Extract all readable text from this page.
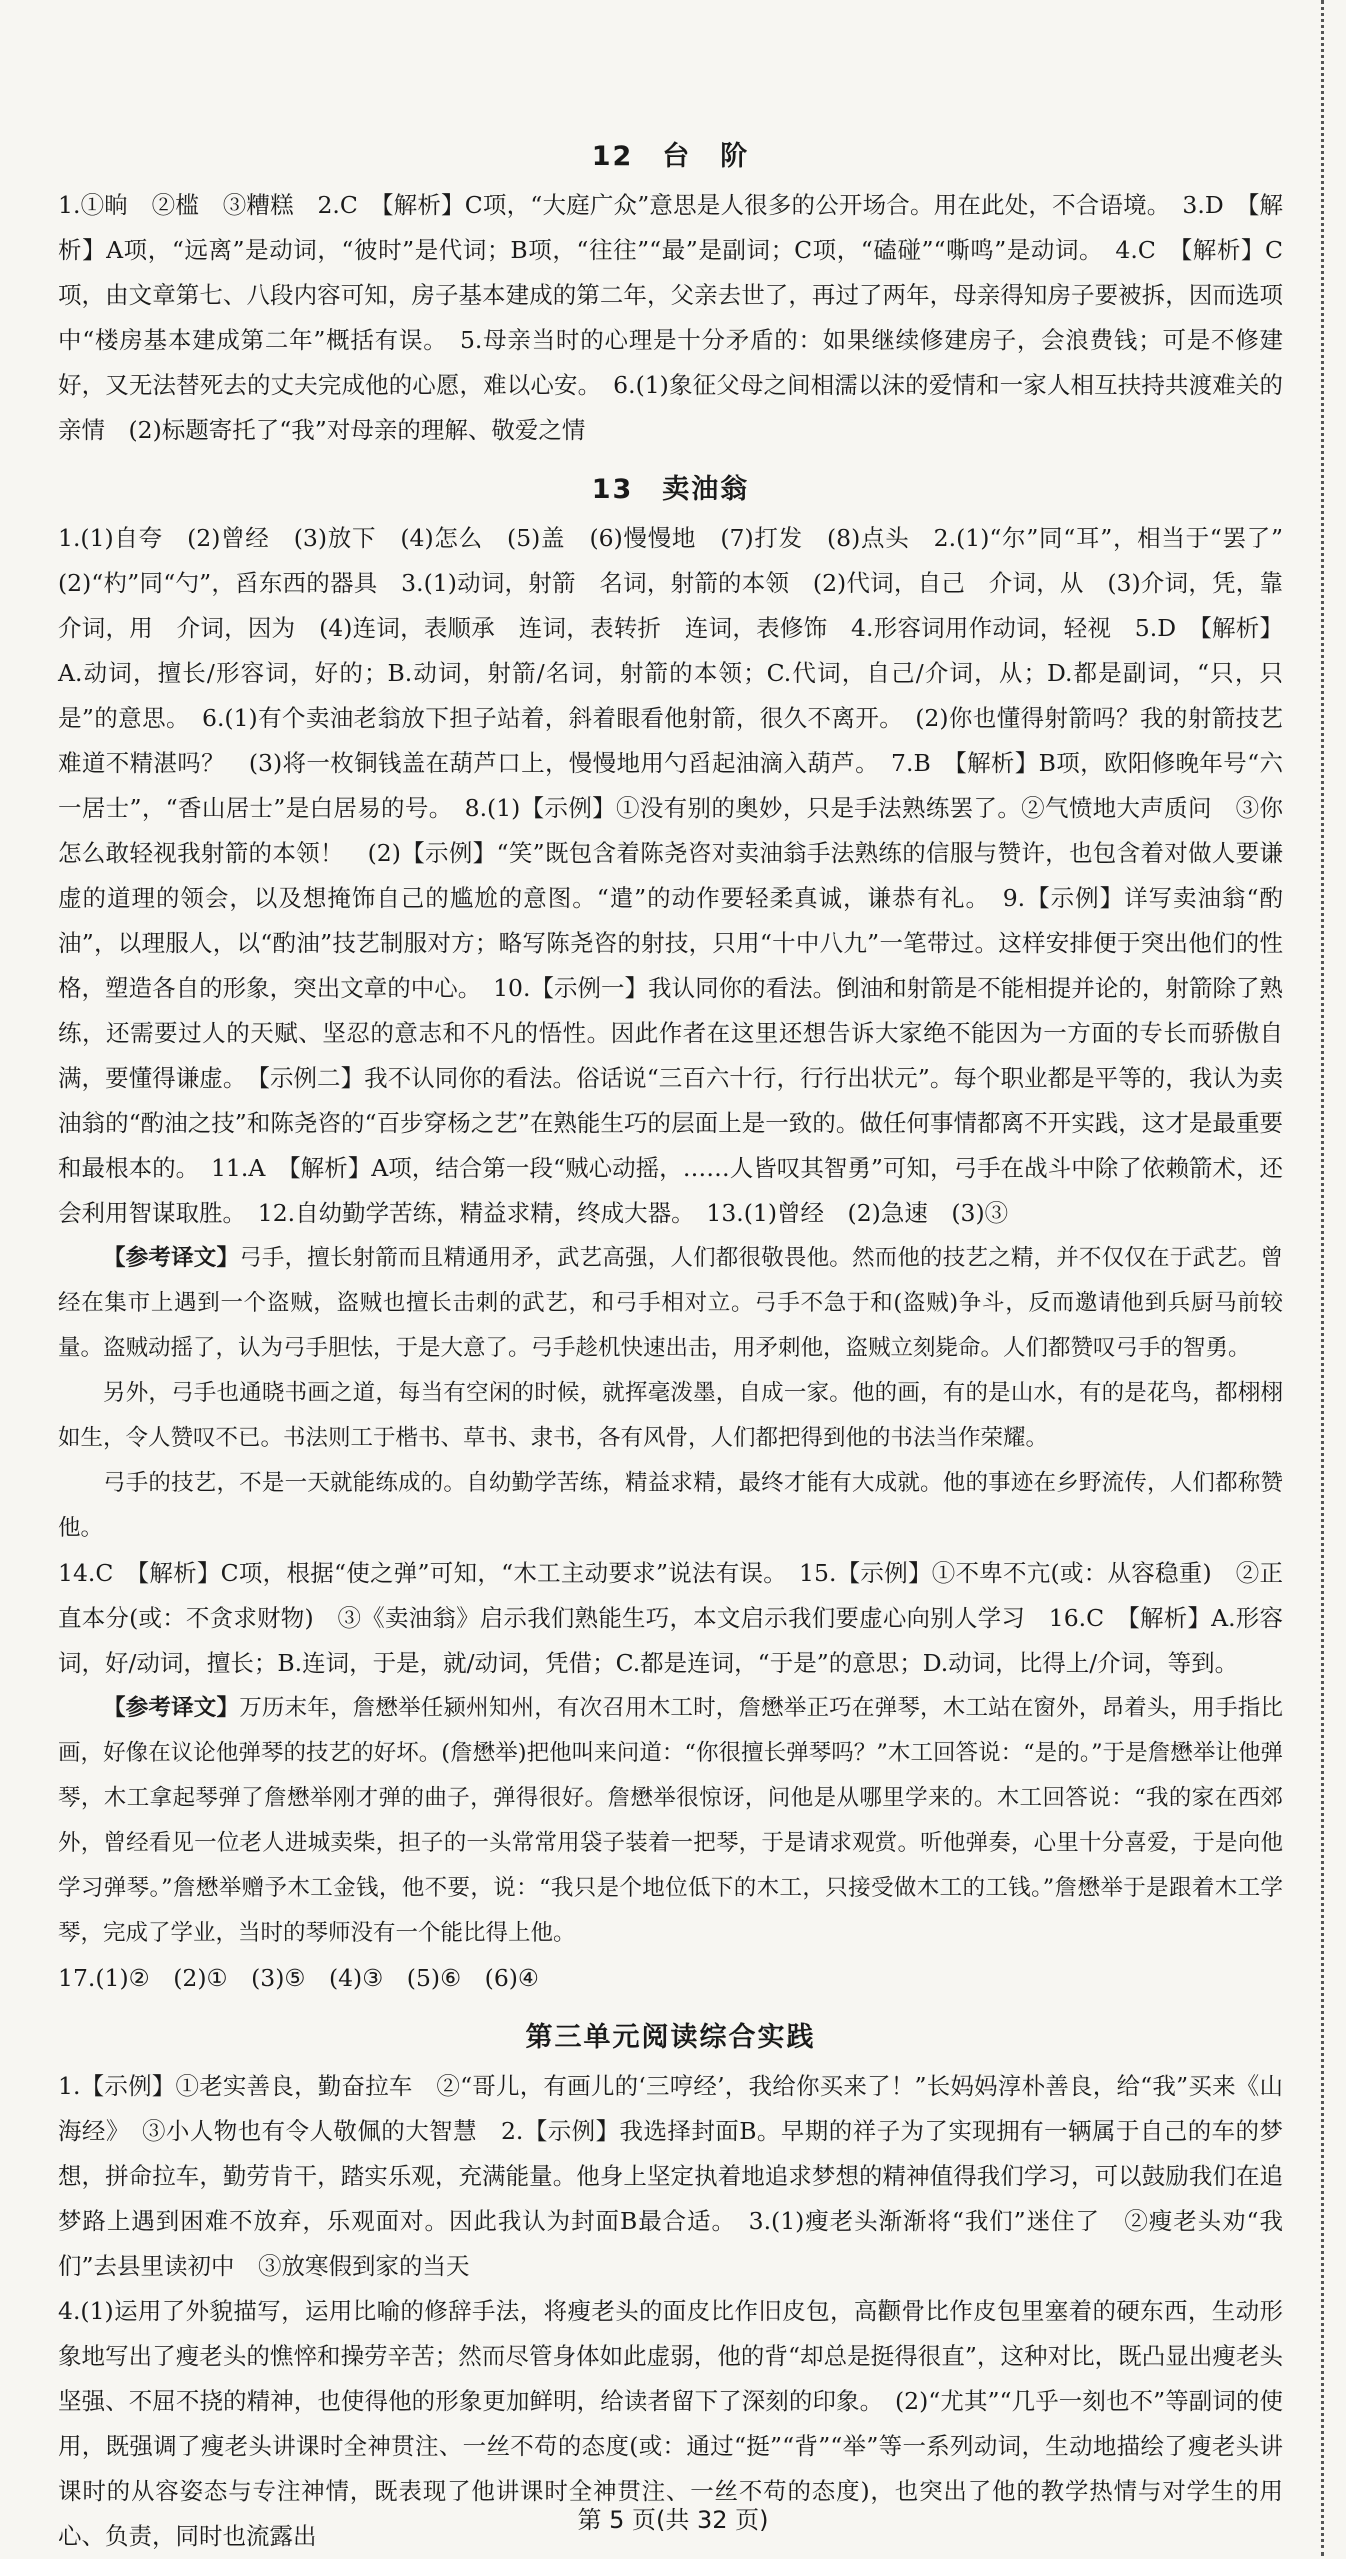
12　台　阶

1.①晌　②槛　③糟糕　2.C　【解析】C项，“大庭广众”意思是人很多的公开场合。用在此处，不合语境。　3.D　【解析】A项，“远离”是动词，“彼时”是代词；B项，“往往”“最”是副词；C项，“磕碰”“嘶鸣”是动词。　4.C　【解析】C项，由文章第七、八段内容可知，房子基本建成的第二年，父亲去世了，再过了两年，母亲得知房子要被拆，因而选项中“楼房基本建成第二年”概括有误。　5.母亲当时的心理是十分矛盾的：如果继续修建房子，会浪费钱；可是不修建好，又无法替死去的丈夫完成他的心愿，难以心安。　6.(1)象征父母之间相濡以沫的爱情和一家人相互扶持共渡难关的亲情　(2)标题寄托了“我”对母亲的理解、敬爱之情

13　卖油翁

1.(1)自夸　(2)曾经　(3)放下　(4)怎么　(5)盖　(6)慢慢地　(7)打发　(8)点头　2.(1)“尔”同“耳”，相当于“罢了”　(2)“杓”同“勺”，舀东西的器具　3.(1)动词，射箭　名词，射箭的本领　(2)代词，自己　介词，从　(3)介词，凭，靠　介词，用　介词，因为　(4)连词，表顺承　连词，表转折　连词，表修饰　4.形容词用作动词，轻视　5.D　【解析】A.动词，擅长/形容词，好的；B.动词，射箭/名词，射箭的本领；C.代词，自己/介词，从；D.都是副词，“只，只是”的意思。　6.(1)有个卖油老翁放下担子站着，斜着眼看他射箭，很久不离开。　(2)你也懂得射箭吗？我的射箭技艺难道不精湛吗？　(3)将一枚铜钱盖在葫芦口上，慢慢地用勺舀起油滴入葫芦。　7.B　【解析】B项，欧阳修晚年号“六一居士”，“香山居士”是白居易的号。　8.(1)【示例】①没有别的奥妙，只是手法熟练罢了。②气愤地大声质问　③你怎么敢轻视我射箭的本领！　(2)【示例】“笑”既包含着陈尧咨对卖油翁手法熟练的信服与赞许，也包含着对做人要谦虚的道理的领会，以及想掩饰自己的尴尬的意图。“遣”的动作要轻柔真诚，谦恭有礼。　9.【示例】详写卖油翁“酌油”，以理服人，以“酌油”技艺制服对方；略写陈尧咨的射技，只用“十中八九”一笔带过。这样安排便于突出他们的性格，塑造各自的形象，突出文章的中心。　10.【示例一】我认同你的看法。倒油和射箭是不能相提并论的，射箭除了熟练，还需要过人的天赋、坚忍的意志和不凡的悟性。因此作者在这里还想告诉大家绝不能因为一方面的专长而骄傲自满，要懂得谦虚。　【示例二】我不认同你的看法。俗话说“三百六十行，行行出状元”。每个职业都是平等的，我认为卖油翁的“酌油之技”和陈尧咨的“百步穿杨之艺”在熟能生巧的层面上是一致的。做任何事情都离不开实践，这才是最重要和最根本的。　11.A　【解析】A项，结合第一段“贼心动摇，……人皆叹其智勇”可知，弓手在战斗中除了依赖箭术，还会利用智谋取胜。　12.自幼勤学苦练，精益求精，终成大器。　13.(1)曾经　(2)急速　(3)③

【参考译文】弓手，擅长射箭而且精通用矛，武艺高强，人们都很敬畏他。然而他的技艺之精，并不仅仅在于武艺。曾经在集市上遇到一个盗贼，盗贼也擅长击刺的武艺，和弓手相对立。弓手不急于和(盗贼)争斗，反而邀请他到兵厨马前较量。盗贼动摇了，认为弓手胆怯，于是大意了。弓手趁机快速出击，用矛刺他，盗贼立刻毙命。人们都赞叹弓手的智勇。

另外，弓手也通晓书画之道，每当有空闲的时候，就挥毫泼墨，自成一家。他的画，有的是山水，有的是花鸟，都栩栩如生，令人赞叹不已。书法则工于楷书、草书、隶书，各有风骨，人们都把得到他的书法当作荣耀。

弓手的技艺，不是一天就能练成的。自幼勤学苦练，精益求精，最终才能有大成就。他的事迹在乡野流传，人们都称赞他。

14.C　【解析】C项，根据“使之弹”可知，“木工主动要求”说法有误。　15.【示例】①不卑不亢(或：从容稳重)　②正直本分(或：不贪求财物)　③《卖油翁》启示我们熟能生巧，本文启示我们要虚心向别人学习　16.C　【解析】A.形容词，好/动词，擅长；B.连词，于是，就/动词，凭借；C.都是连词，“于是”的意思；D.动词，比得上/介词，等到。

【参考译文】万历末年，詹懋举任颍州知州，有次召用木工时，詹懋举正巧在弹琴，木工站在窗外，昂着头，用手指比画，好像在议论他弹琴的技艺的好坏。(詹懋举)把他叫来问道：“你很擅长弹琴吗？”木工回答说：“是的。”于是詹懋举让他弹琴，木工拿起琴弹了詹懋举刚才弹的曲子，弹得很好。詹懋举很惊讶，问他是从哪里学来的。木工回答说：“我的家在西郊外，曾经看见一位老人进城卖柴，担子的一头常常用袋子装着一把琴，于是请求观赏。听他弹奏，心里十分喜爱，于是向他学习弹琴。”詹懋举赠予木工金钱，他不要，说：“我只是个地位低下的木工，只接受做木工的工钱。”詹懋举于是跟着木工学琴，完成了学业，当时的琴师没有一个能比得上他。

17.(1)②　(2)①　(3)⑤　(4)③　(5)⑥　(6)④

第三单元阅读综合实践

1.【示例】①老实善良，勤奋拉车　②“哥儿，有画儿的‘三哼经’，我给你买来了！”长妈妈淳朴善良，给“我”买来《山海经》　③小人物也有令人敬佩的大智慧　2.【示例】我选择封面B。早期的祥子为了实现拥有一辆属于自己的车的梦想，拼命拉车，勤劳肯干，踏实乐观，充满能量。他身上坚定执着地追求梦想的精神值得我们学习，可以鼓励我们在追梦路上遇到困难不放弃，乐观面对。因此我认为封面B最合适。　3.(1)瘦老头渐渐将“我们”迷住了　②瘦老头劝“我们”去县里读初中　③放寒假到家的当天

4.(1)运用了外貌描写，运用比喻的修辞手法，将瘦老头的面皮比作旧皮包，高颧骨比作皮包里塞着的硬东西，生动形象地写出了瘦老头的憔悴和操劳辛苦；然而尽管身体如此虚弱，他的背“却总是挺得很直”，这种对比，既凸显出瘦老头坚强、不屈不挠的精神，也使得他的形象更加鲜明，给读者留下了深刻的印象。　(2)“尤其”“几乎一刻也不”等副词的使用，既强调了瘦老头讲课时全神贯注、一丝不苟的态度(或：通过“挺”“背”“举”等一系列动词，生动地描绘了瘦老头讲课时的从容姿态与专注神情，既表现了他讲课时全神贯注、一丝不苟的态度)，也突出了他的教学热情与对学生的用心、负责，同时也流露出

第 5 页(共 32 页)
